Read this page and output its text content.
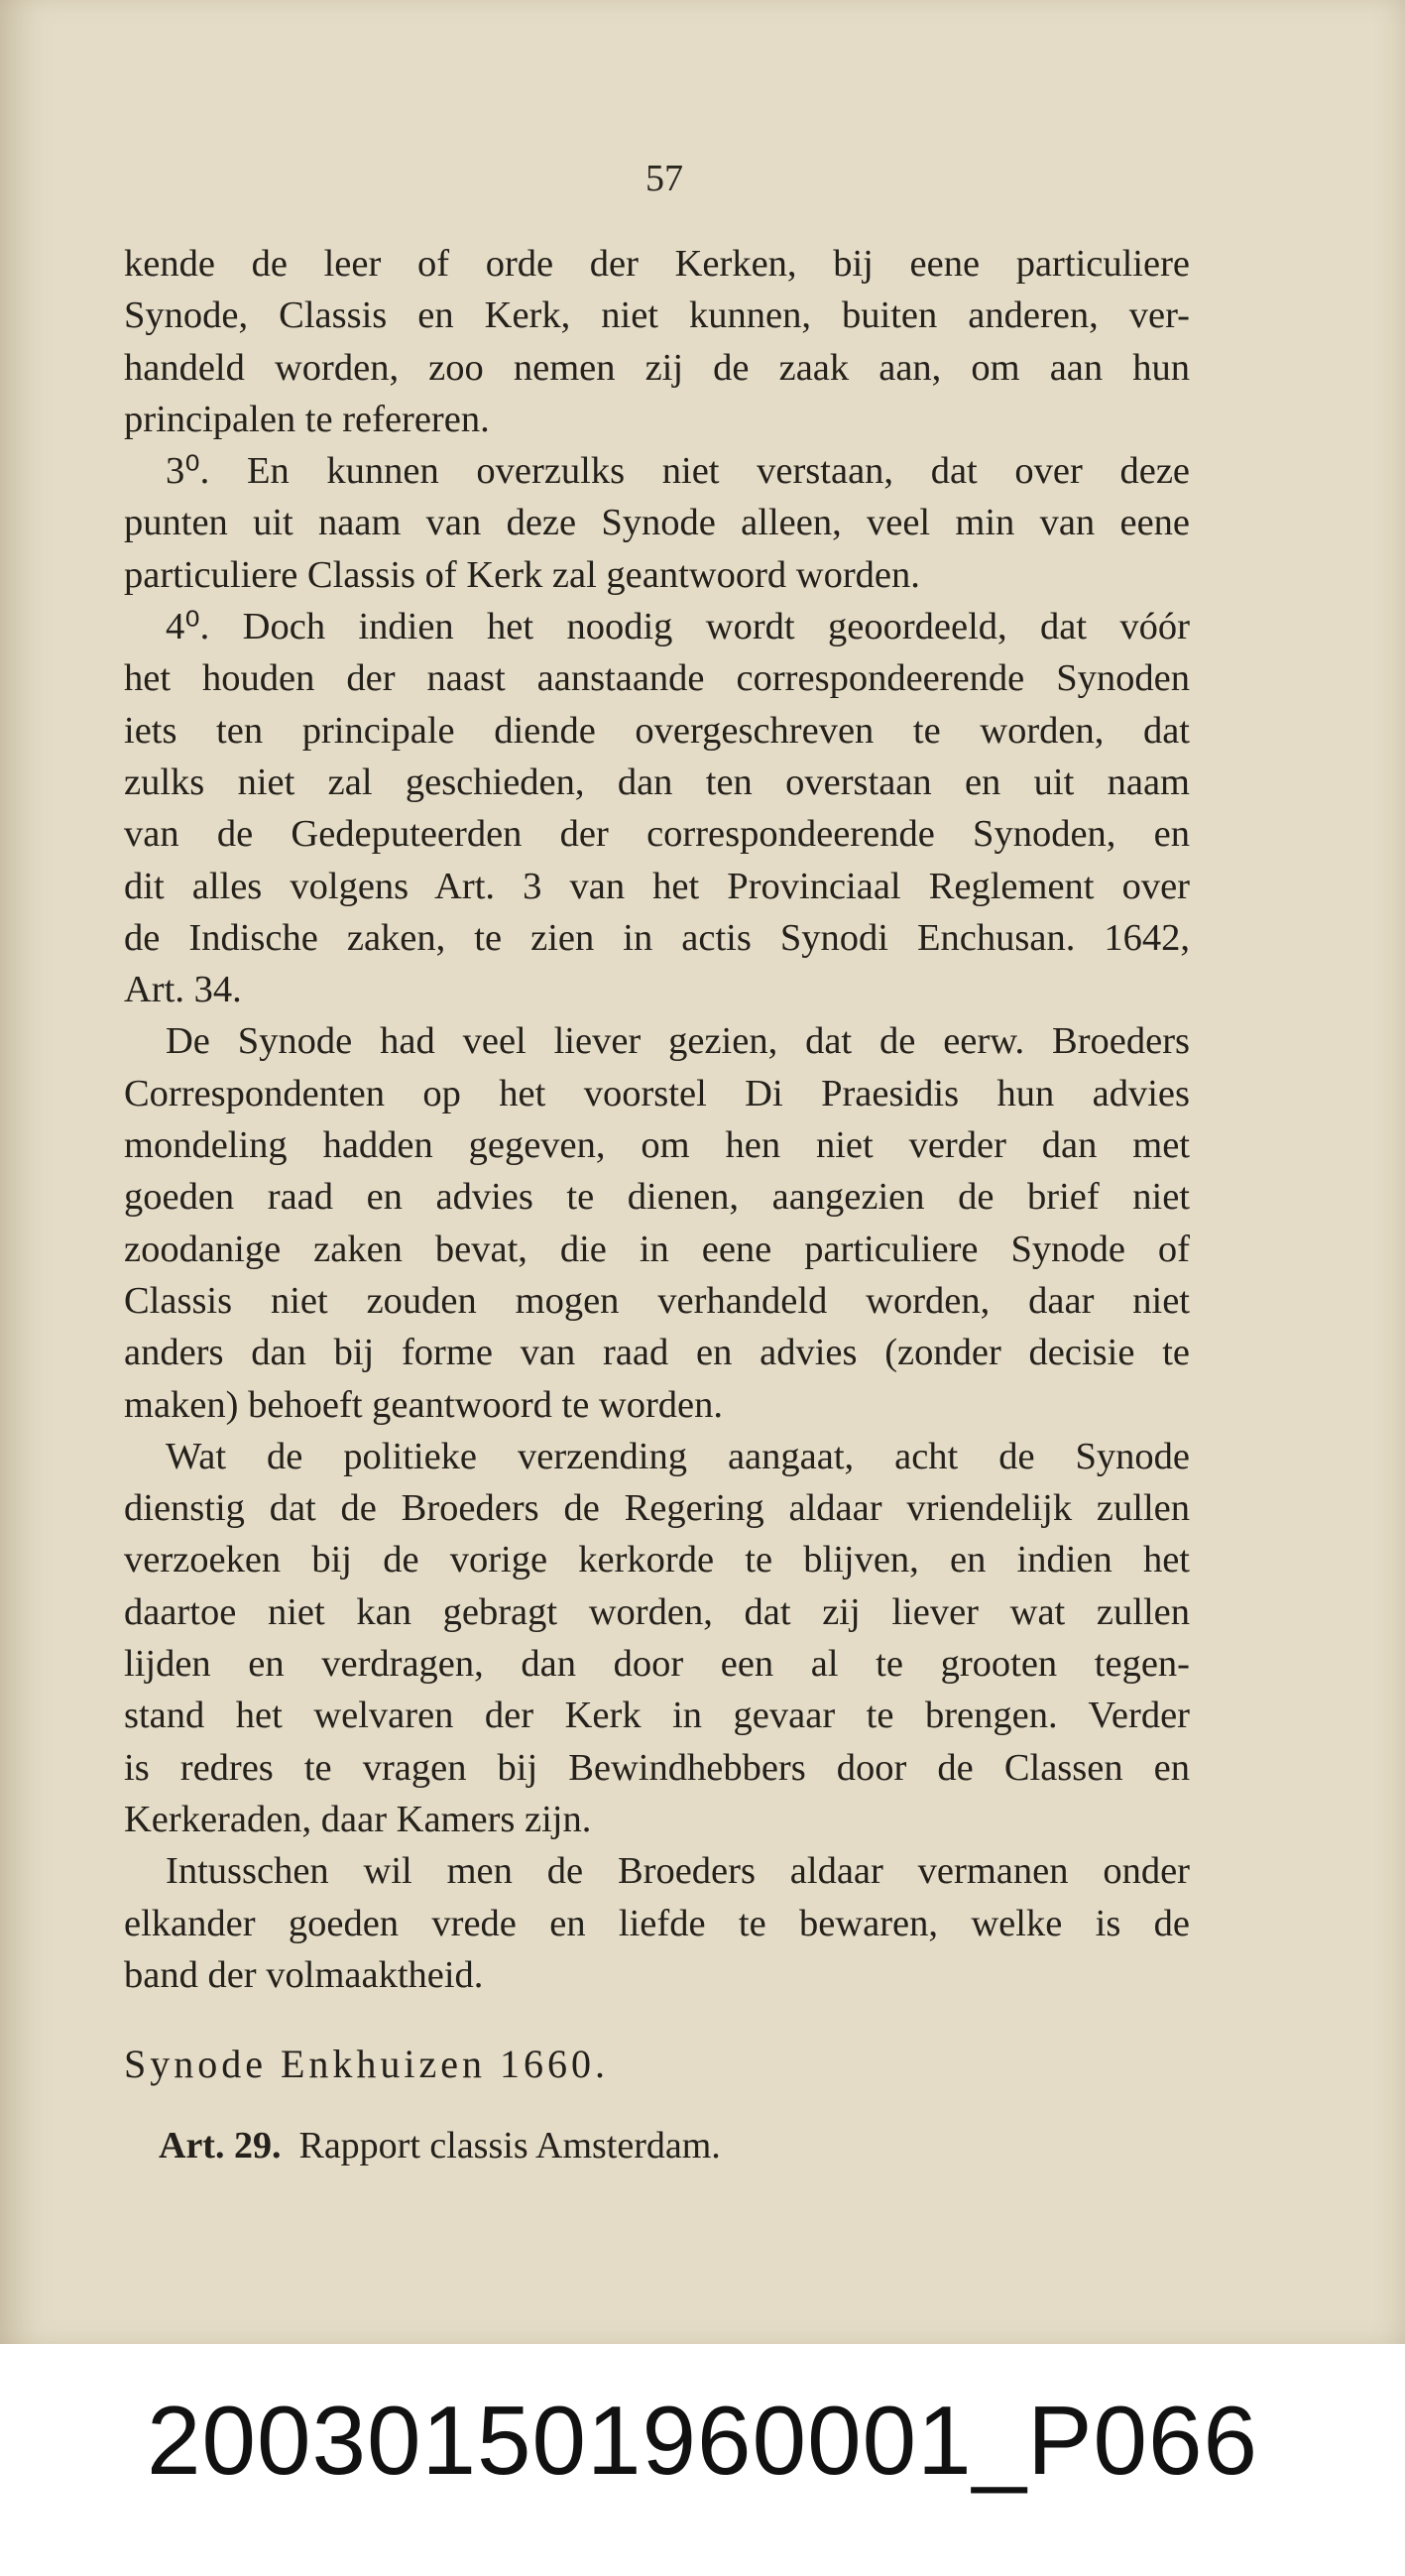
57
kende de leer of orde der Kerken, bij eene particuliere
Synode, Classis en Kerk, niet kunnen, buiten anderen, ver-
handeld worden, zoo nemen zij de zaak aan, om aan hun
principalen te refereren.
3⁰. En kunnen overzulks niet verstaan, dat over deze
punten uit naam van deze Synode alleen, veel min van eene
particuliere Classis of Kerk zal geantwoord worden.
4⁰. Doch indien het noodig wordt geoordeeld, dat vóór
het houden der naast aanstaande correspondeerende Synoden
iets ten principale diende overgeschreven te worden, dat
zulks niet zal geschieden, dan ten overstaan en uit naam
van de Gedeputeerden der correspondeerende Synoden, en
dit alles volgens Art. 3 van het Provinciaal Reglement over
de Indische zaken, te zien in actis Synodi Enchusan. 1642,
Art. 34.
De Synode had veel liever gezien, dat de eerw. Broeders
Correspondenten op het voorstel Di Praesidis hun advies
mondeling hadden gegeven, om hen niet verder dan met
goeden raad en advies te dienen, aangezien de brief niet
zoodanige zaken bevat, die in eene particuliere Synode of
Classis niet zouden mogen verhandeld worden, daar niet
anders dan bij forme van raad en advies (zonder decisie te
maken) behoeft geantwoord te worden.
Wat de politieke verzending aangaat, acht de Synode
dienstig dat de Broeders de Regering aldaar vriendelijk zullen
verzoeken bij de vorige kerkorde te blijven, en indien het
daartoe niet kan gebragt worden, dat zij liever wat zullen
lijden en verdragen, dan door een al te grooten tegen-
stand het welvaren der Kerk in gevaar te brengen. Verder
is redres te vragen bij Bewindhebbers door de Classen en
Kerkeraden, daar Kamers zijn.
Intusschen wil men de Broeders aldaar vermanen onder
elkander goeden vrede en liefde te bewaren, welke is de
band der volmaaktheid.
Synode Enkhuizen 1660.
Art. 29. Rapport classis Amsterdam.
200301501960001_P066
